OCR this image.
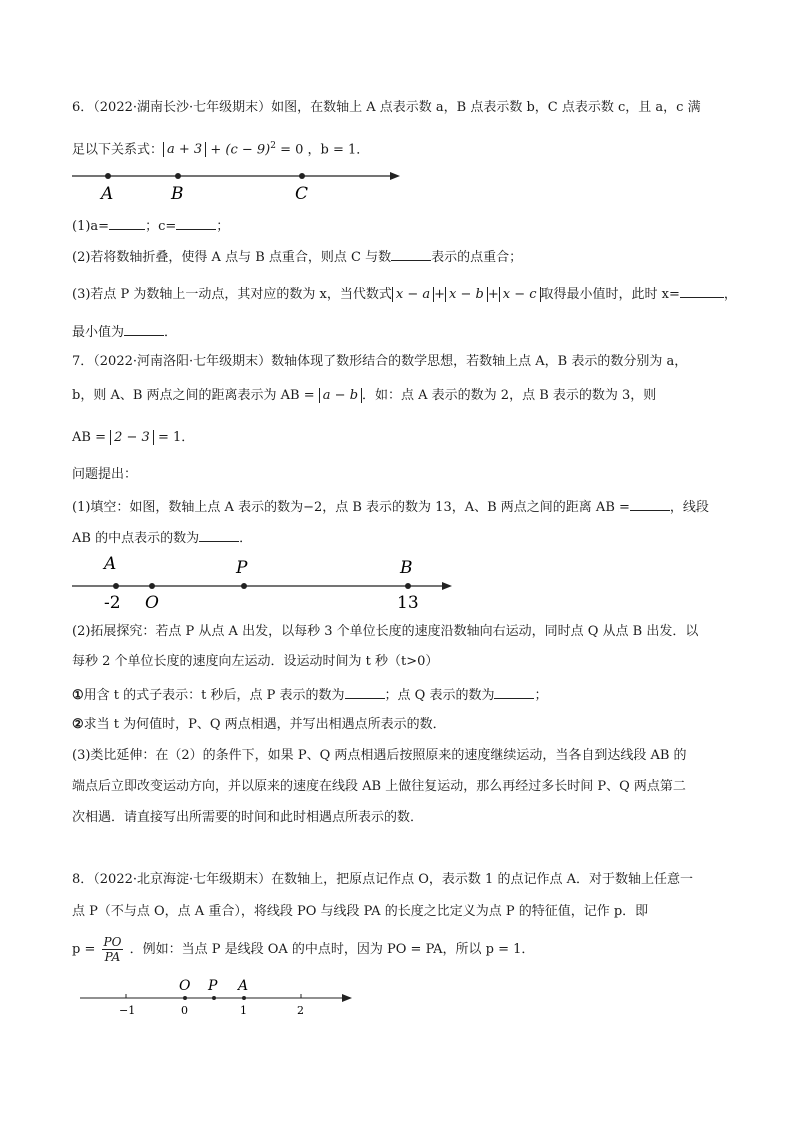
6．（2022·湖南长沙·七年级期末）如图，在数轴上 A 点表示数 a，B 点表示数 b，C 点表示数 c，且 a，c 满
足以下关系式： $a + 3 + (c - 9)^2 = 0$ ，b = 1．
A	B	C
(1)a=	；c=	；
(2)若将数轴折叠，使得 A 点与 B 点重合，则点 C 与数	表示的点重合；
(3)若点 P 为数轴上一动点，其对应的数为 x，当代数式 x − a + x − b + x − c 取得最小值时，此时 x=	，
最小值为	．
7．（2022·河南洛阳·七年级期末）数轴体现了数形结合的数学思想，若数轴上点 A，B 表示的数分别为 a，
b，则 A、B 两点之间的距离表示为 AB = a − b ．如：点 A 表示的数为 2，点 B 表示的数为 3，则
AB = 2 − 3 = 1．
问题提出：
(1)填空：如图，数轴上点 A 表示的数为−2，点 B 表示的数为 13，A、B 两点之间的距离 AB =	，线段
AB 的中点表示的数为	．
A	P	B
-2 O	13
(2)拓展探究：若点 P 从点 A 出发，以每秒 3 个单位长度的速度沿数轴向右运动，同时点 Q 从点 B 出发．以
每秒 2 个单位长度的速度向左运动．设运动时间为 t 秒（t>0）
①用含 t 的式子表示：t 秒后，点 P 表示的数为	；点 Q 表示的数为	；
②求当 t 为何值时，P、Q 两点相遇，并写出相遇点所表示的数．
(3)类比延伸：在（2）的条件下，如果 P、Q 两点相遇后按照原来的速度继续运动，当各自到达线段 AB 的
端点后立即改变运动方向，并以原来的速度在线段 AB 上做往复运动，那么再经过多长时间 P、Q 两点第二
次相遇．请直接写出所需要的时间和此时相遇点所表示的数．
8．（2022·北京海淀·七年级期末）在数轴上，把原点记作点 O，表示数 1 的点记作点 A．对于数轴上任意一
点 P（不与点 O，点 A 重合），将线段 PO 与线段 PA 的长度之比定义为点 P 的特征值，记作 p．即
$p = \frac{PO}{PA}$ ．例如：当点 P 是线段 OA 的中点时，因为 PO = PA，所以 p = 1．
O P A
−1	0	1	2
